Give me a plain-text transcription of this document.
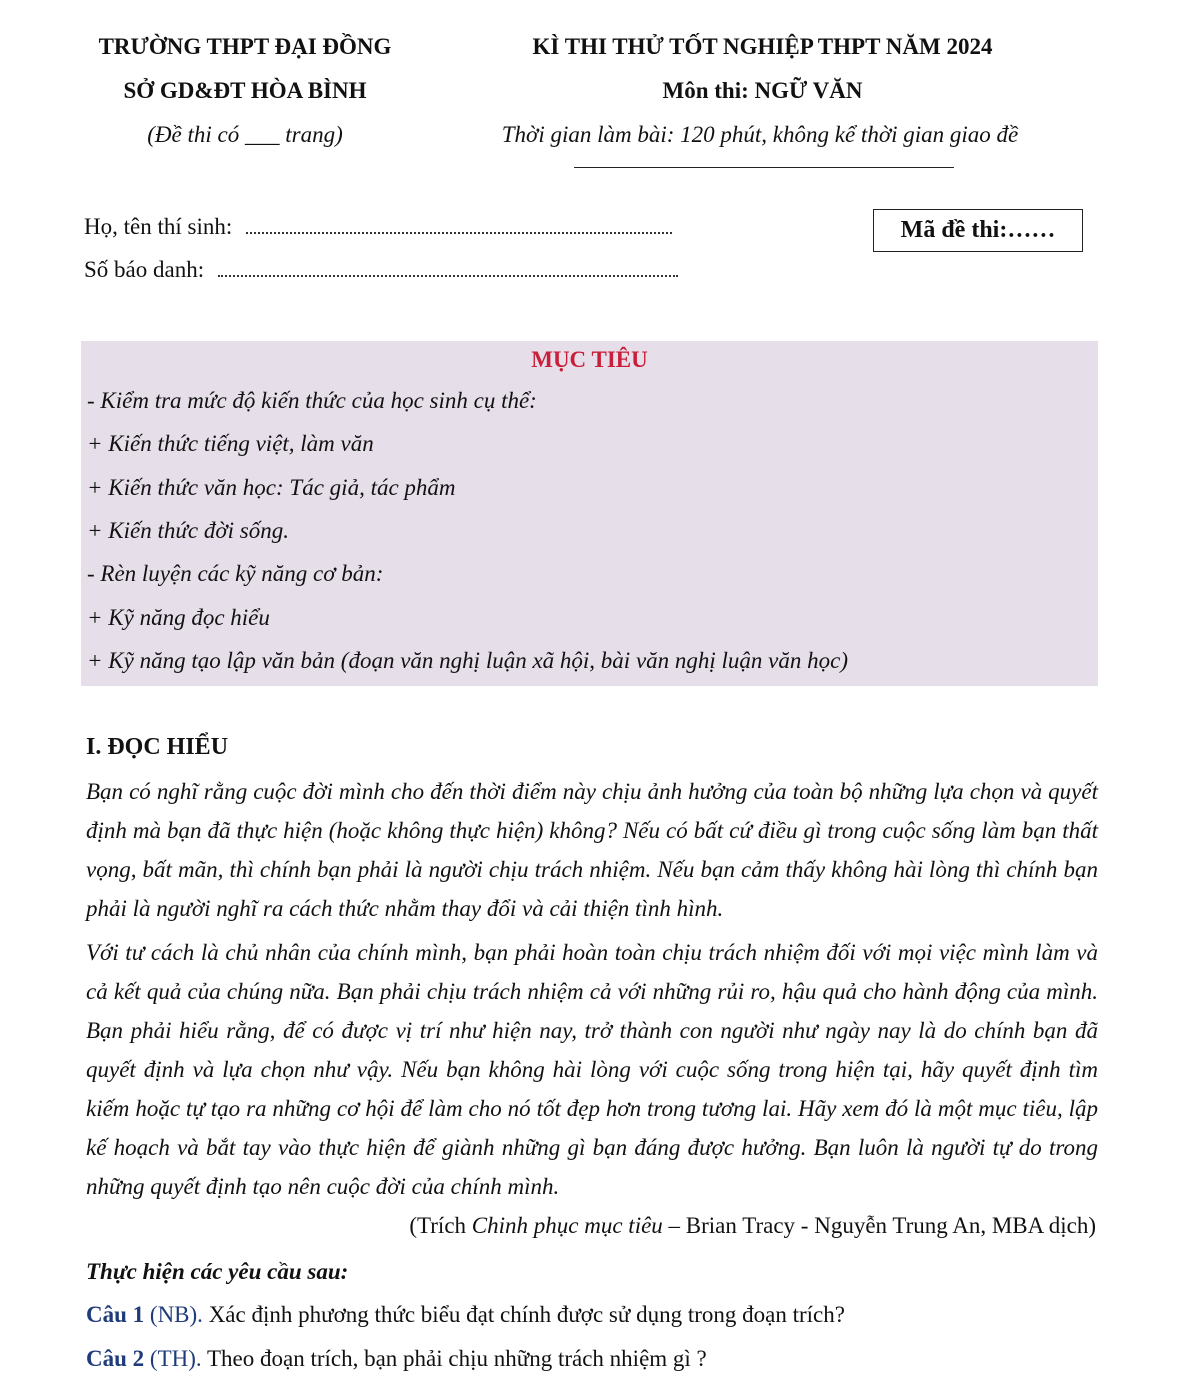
TRƯỜNG THPT ĐẠI ĐỒNG
SỞ GD&ĐT HÒA BÌNH
(Đề thi có ___ trang)
KÌ THI THỬ TỐT NGHIỆP THPT NĂM 2024
Môn thi: NGỮ VĂN
Thời gian làm bài: 120 phút, không kể thời gian giao đề
Họ, tên thí sinh:
Số báo danh:
Mã đề thi:……
MỤC TIÊU
- Kiểm tra mức độ kiến thức của học sinh cụ thể:
+ Kiến thức tiếng việt, làm văn
+ Kiến thức văn học: Tác giả, tác phẩm
+ Kiến thức đời sống.
- Rèn luyện các kỹ năng cơ bản:
+ Kỹ năng đọc hiểu
+ Kỹ năng tạo lập văn bản (đoạn văn nghị luận xã hội, bài văn nghị luận văn học)
I. ĐỌC HIỂU

Bạn có nghĩ rằng cuộc đời mình cho đến thời điểm này chịu ảnh hưởng của toàn bộ những lựa chọn và quyết định mà bạn đã thực hiện (hoặc không thực hiện) không? Nếu có bất cứ điều gì trong cuộc sống làm bạn thất vọng, bất mãn, thì chính bạn phải là người chịu trách nhiệm. Nếu bạn cảm thấy không hài lòng thì chính bạn phải là người nghĩ ra cách thức nhằm thay đổi và cải thiện tình hình.

Với tư cách là chủ nhân của chính mình, bạn phải hoàn toàn chịu trách nhiệm đối với mọi việc mình làm và cả kết quả của chúng nữa. Bạn phải chịu trách nhiệm cả với những rủi ro, hậu quả cho hành động của mình. Bạn phải hiểu rằng, để có được vị trí như hiện nay, trở thành con người như ngày nay là do chính bạn đã quyết định và lựa chọn như vậy. Nếu bạn không hài lòng với cuộc sống trong hiện tại, hãy quyết định tìm kiếm hoặc tự tạo ra những cơ hội để làm cho nó tốt đẹp hơn trong tương lai. Hãy xem đó là một mục tiêu, lập kế hoạch và bắt tay vào thực hiện để giành những gì bạn đáng được hưởng. Bạn luôn là người tự do trong những quyết định tạo nên cuộc đời của chính mình.

(Trích Chinh phục mục tiêu – Brian Tracy - Nguyễn Trung An, MBA dịch)
Thực hiện các yêu cầu sau:
Câu 1 (NB). Xác định phương thức biểu đạt chính được sử dụng trong đoạn trích?
Câu 2 (TH). Theo đoạn trích, bạn phải chịu những trách nhiệm gì ?
